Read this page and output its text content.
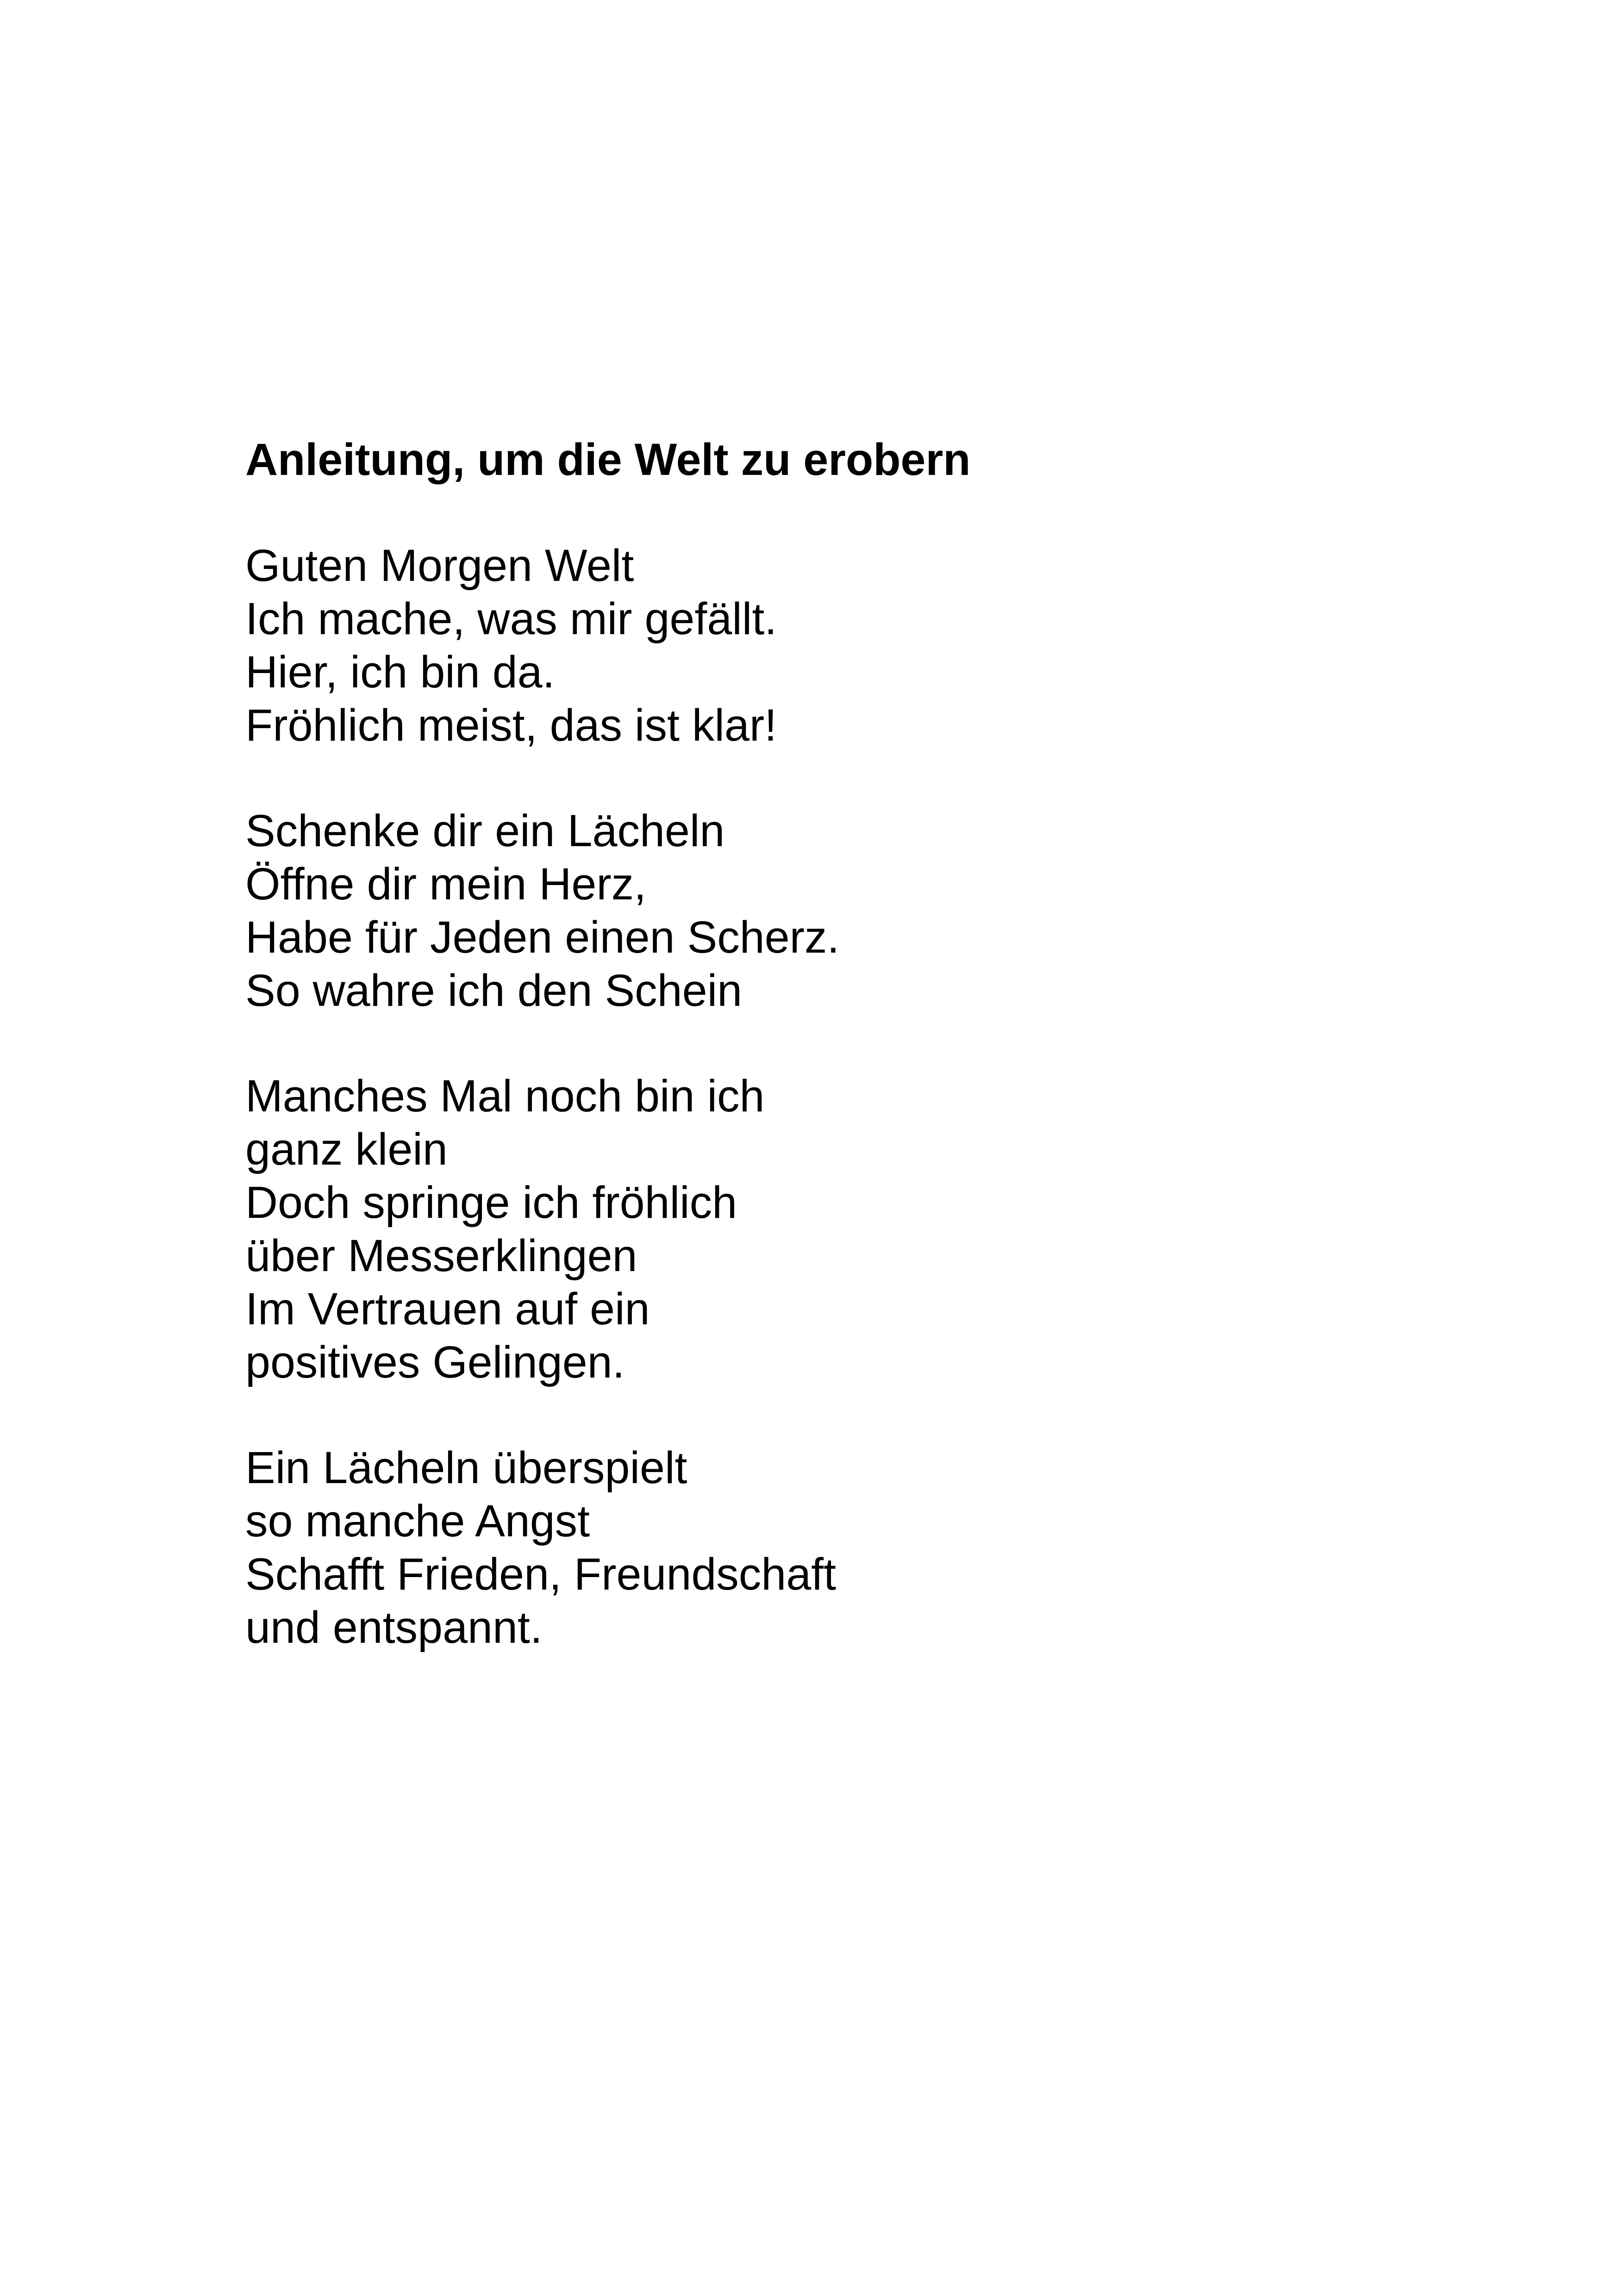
Anleitung, um die Welt zu erobern

Guten Morgen Welt
Ich mache, was mir gefällt.
Hier, ich bin da.
Fröhlich meist, das ist klar!

Schenke dir ein Lächeln
Öffne dir mein Herz,
Habe für Jeden einen Scherz.
So wahre ich den Schein

Manches Mal noch bin ich
ganz klein
Doch springe ich fröhlich
über Messerklingen
Im Vertrauen auf ein
positives Gelingen.

Ein Lächeln überspielt
so manche Angst
Schafft Frieden, Freundschaft
und entspannt.
